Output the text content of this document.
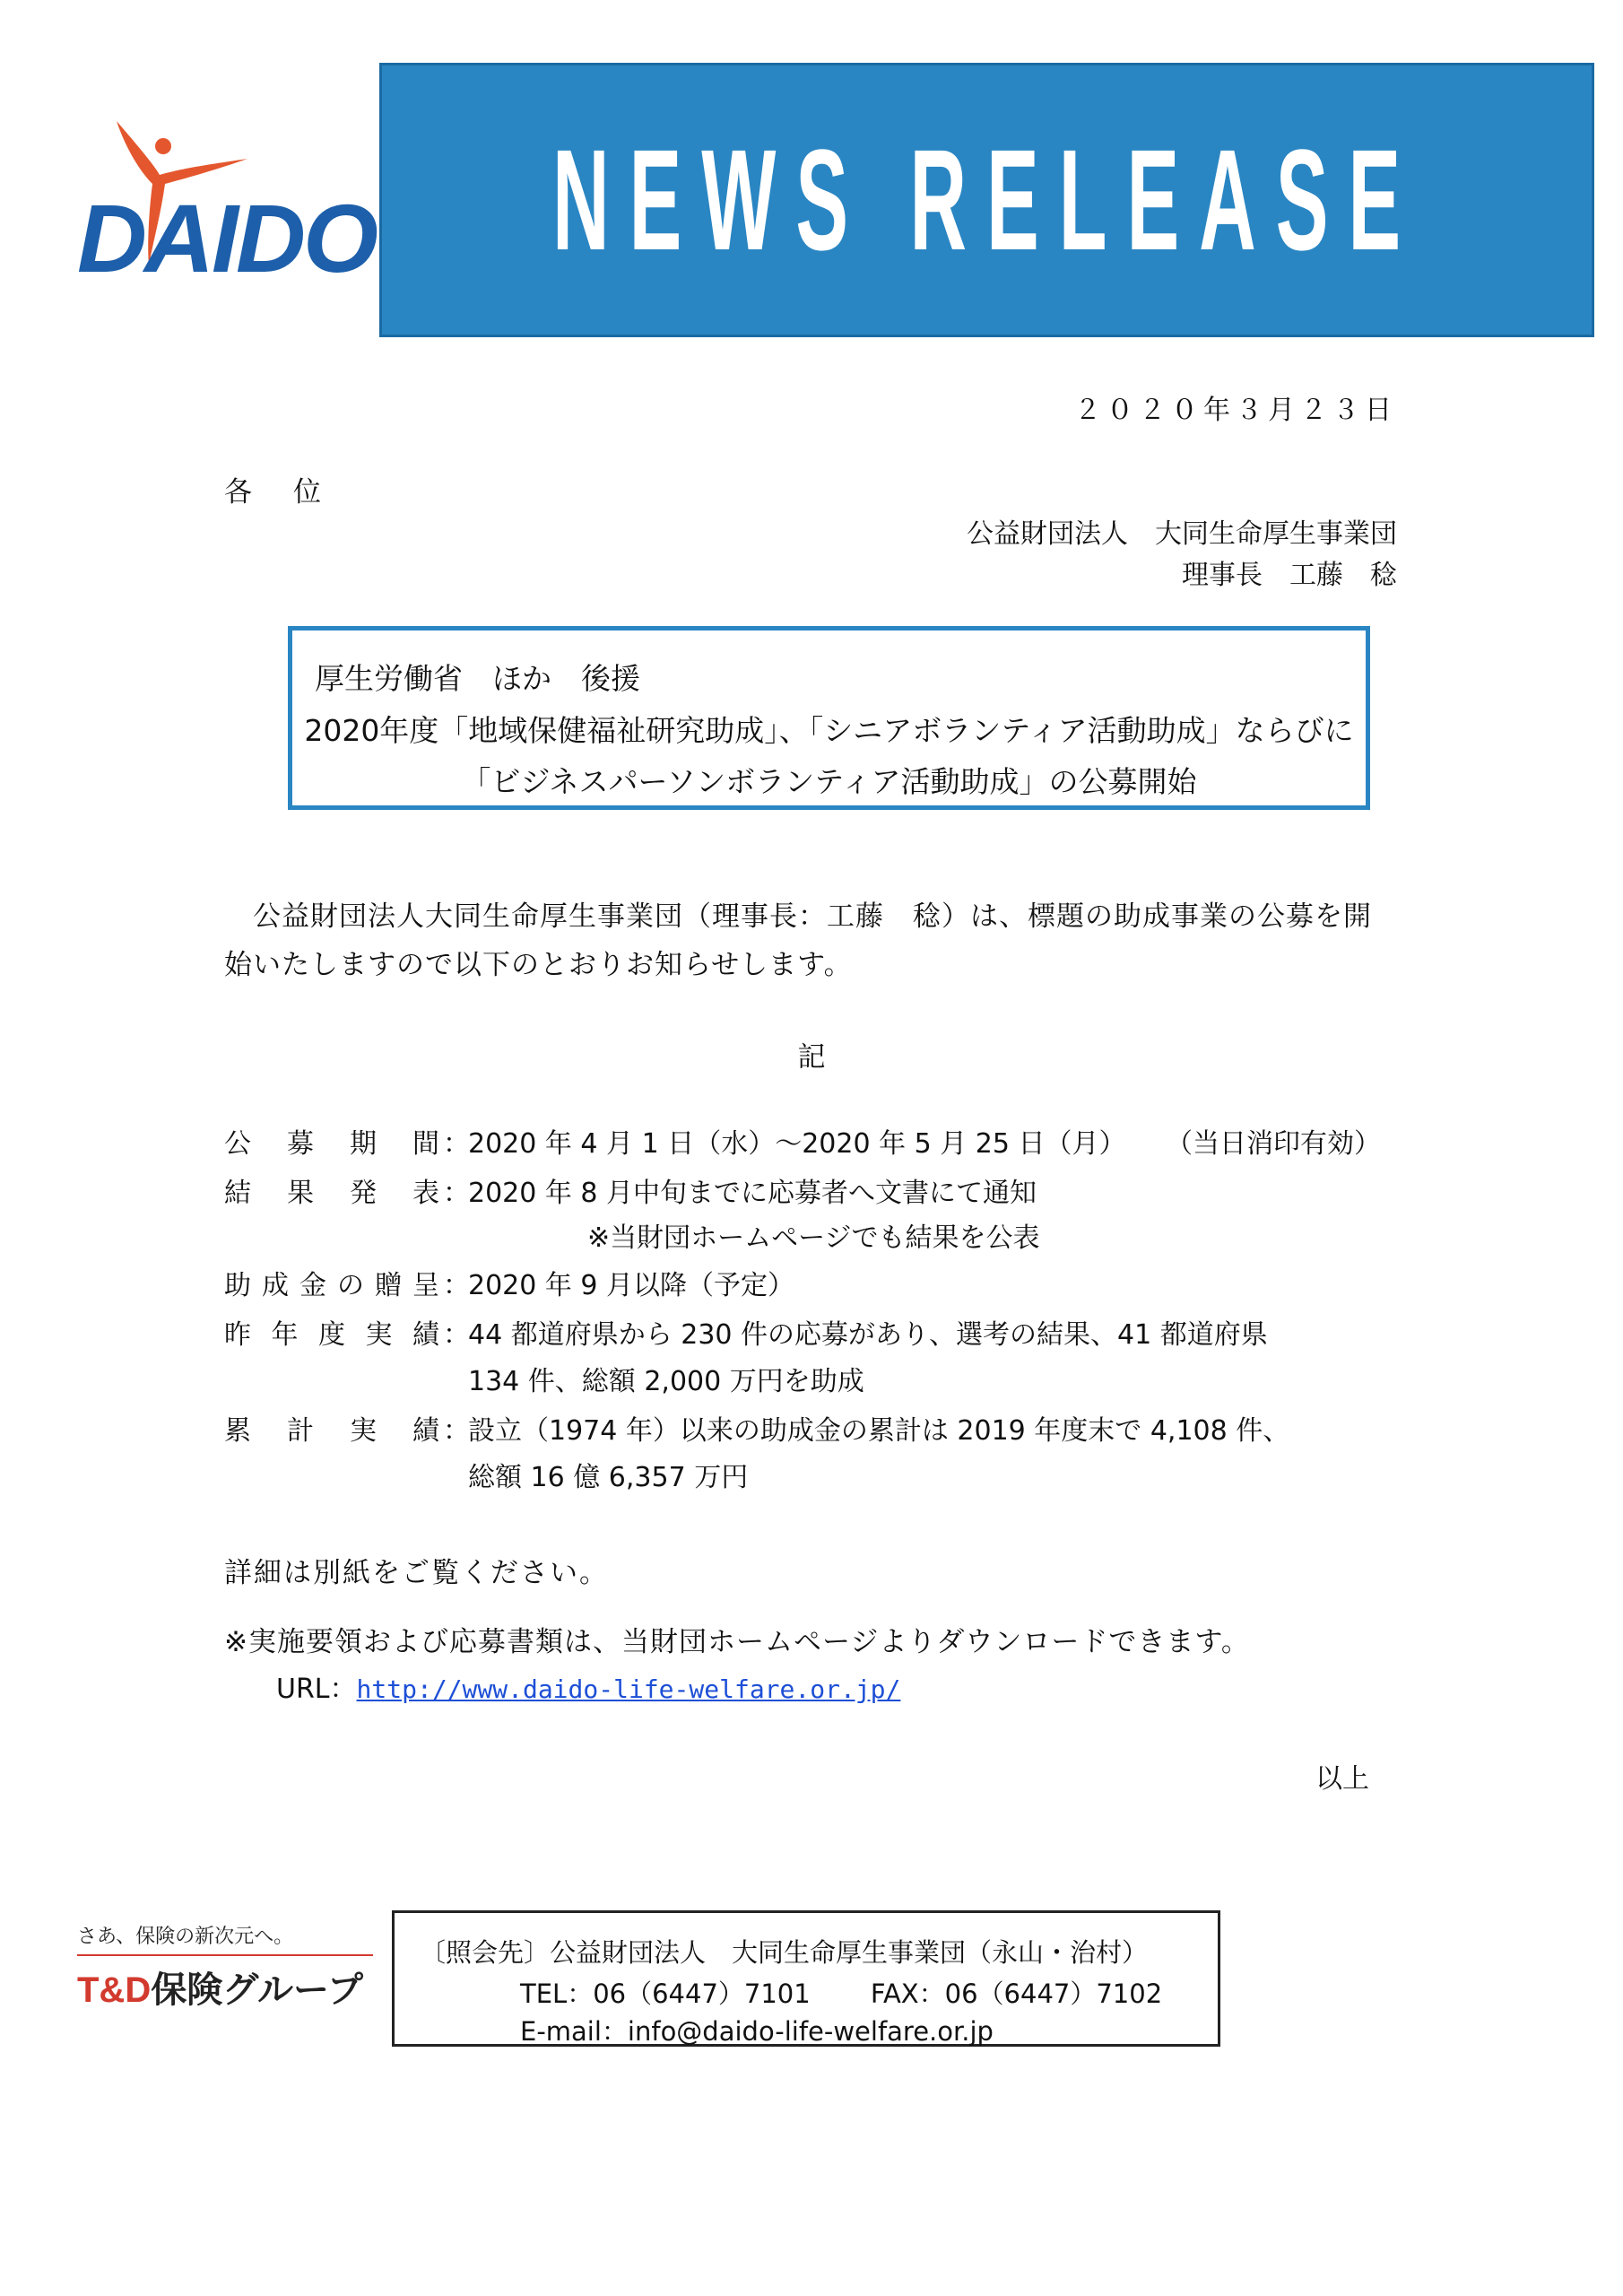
DAIDO NEWS RELEASE
２０２０年３月２３日
各位
公益財団法人　大同生命厚生事業団
理事長　工藤　稔
厚生労働省　ほか　後援
2020年度「地域保健福祉研究助成」、「シニアボランティア活動助成」ならびに
「ビジネスパーソンボランティア活動助成」の公募開始
公益財団法人大同生命厚生事業団（理事長：工藤　稔）は、標題の助成事業の公募を開始いたしますので以下のとおりお知らせします。
記
公募期間 ：
2020 年 4 月 1 日（水）～2020 年 5 月 25 日（月） （当日消印有効）
結果発表 ：
2020 年 8 月中旬までに応募者へ文書にて通知
※当財団ホームページでも結果を公表
助成金の贈呈 ：
2020 年 9 月以降（予定）
昨年度実績 ：
44 都道府県から 230 件の応募があり、選考の結果、41 都道府県
134 件、総額 2,000 万円を助成
累計実績 ：
設立（1974 年）以来の助成金の累計は 2019 年度末で 4,108 件、
総額 16 億 6,357 万円
詳細は別紙をご覧ください。
※実施要領および応募書類は、当財団ホームページよりダウンロードできます。
URL：http://www.daido-life-welfare.or.jp/
以上
さあ、保険の新次元へ。
T&D保険グループ
〔照会先〕公益財団法人　大同生命厚生事業団（永山・治村）
TEL：06（6447）7101　　 FAX：06（6447）7102
E-mail：info@daido-life-welfare.or.jp
